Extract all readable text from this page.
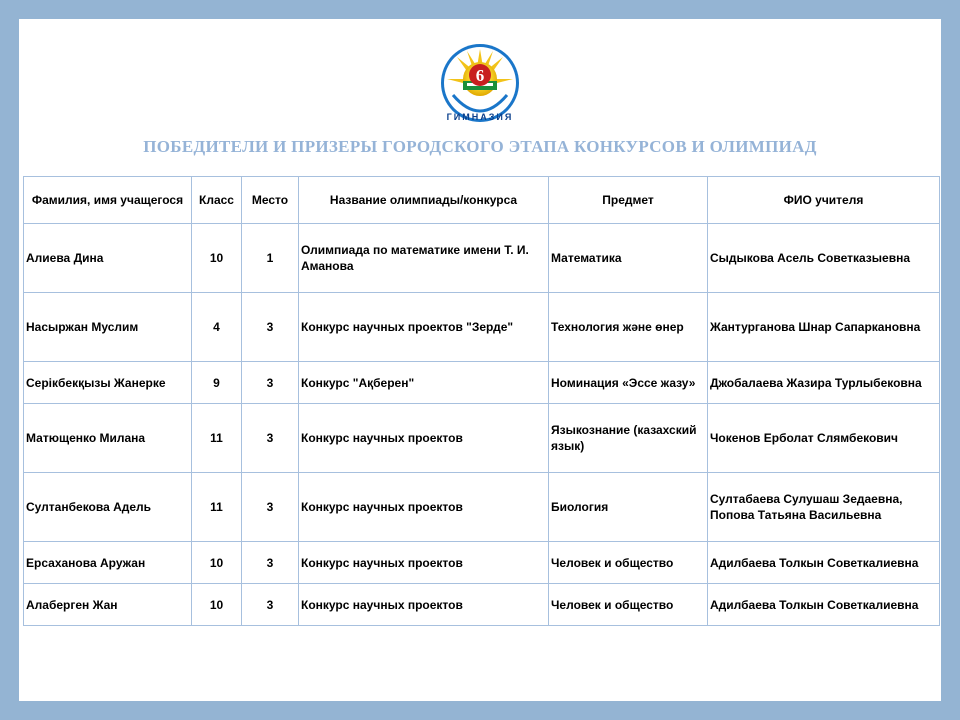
6
ГИМНАЗИЯ
ПОБЕДИТЕЛИ И ПРИЗЕРЫ ГОРОДСКОГО ЭТАПА КОНКУРСОВ И ОЛИМПИАД
Фамилия, имя учащегося	Класс	Место	Название олимпиады/конкурса	Предмет	ФИО учителя
Алиева Дина	10	1	Олимпиада по математике имени Т. И. Аманова	Математика	Сыдыкова Асель Советказыевна
Насыржан Муслим	4	3	Конкурс научных проектов "Зерде"	Технология және өнер	Жантурганова Шнар Сапаркановна
Серікбекқызы Жанерке	9	3	Конкурс "Ақберен"	Номинация «Эссе жазу»	Джобалаева Жазира Турлыбековна
Матющенко Милана	11	3	Конкурс научных проектов	Языкознание (казахский язык)	Чокенов Ерболат Слямбекович
Султанбекова Адель	11	3	Конкурс научных проектов	Биология	Султабаева Сулушаш Зедаевна, Попова Татьяна Васильевна
Ерсаханова Аружан	10	3	Конкурс научных проектов	Человек и общество	Адилбаева Толкын Советкалиевна
Алаберген Жан	10	3	Конкурс научных проектов	Человек и общество	Адилбаева Толкын Советкалиевна
